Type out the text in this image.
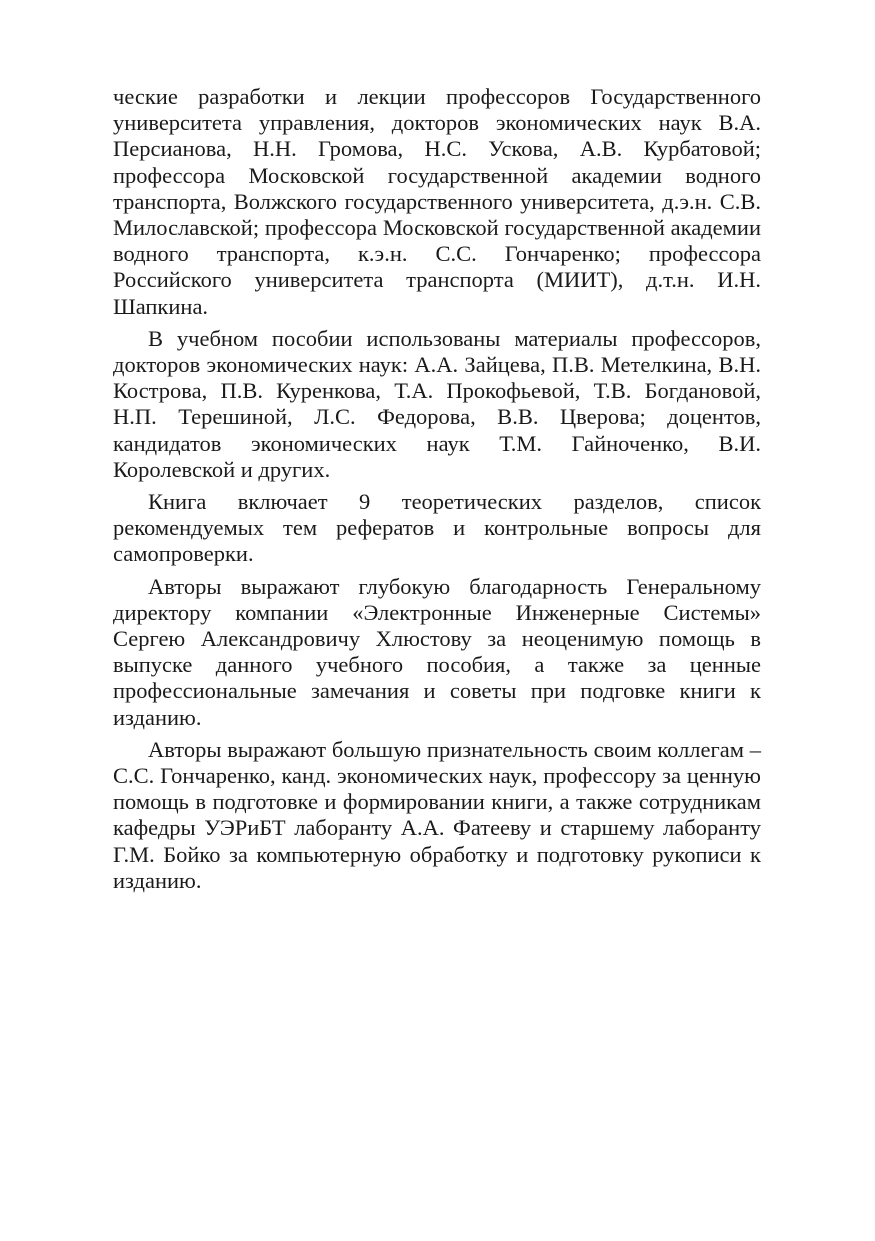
ческие разработки и лекции профессоров Государственного университета управления, докторов экономических наук В.А. Персианова, Н.Н. Громова, Н.С. Ускова, А.В. Курбатовой; профессора Московской государственной академии водного транспорта, Волжского государственного университета, д.э.н. С.В. Милославской; профессора Московской государственной академии водного транспорта, к.э.н. С.С. Гончаренко; профессора Российского университета транспорта (МИИТ), д.т.н. И.Н. Шапкина.

В учебном пособии использованы материалы профессоров, докторов экономических наук: А.А. Зайцева, П.В. Метелкина, В.Н. Кострова, П.В. Куренкова, Т.А. Прокофьевой, Т.В. Богдановой, Н.П. Терешиной, Л.С. Федорова, В.В. Цверова; доцентов, кандидатов экономических наук Т.М. Гайноченко, В.И. Королевской и других.

Книга включает 9 теоретических разделов, список рекомендуемых тем рефератов и контрольные вопросы для самопроверки.

Авторы выражают глубокую благодарность Генеральному директору компании «Электронные Инженерные Системы» Сергею Александровичу Хлюстову за неоценимую помощь в выпуске данного учебного пособия, а также за ценные профессиональные замечания и советы при подговке книги к изданию.

Авторы выражают большую признательность своим коллегам – С.С. Гончаренко, канд. экономических наук, профессору за ценную помощь в подготовке и формировании книги, а также сотрудникам кафедры УЭРиБТ лаборанту А.А. Фатееву и старшему лаборанту Г.М. Бойко за компьютерную обработку и подготовку рукописи к изданию.
